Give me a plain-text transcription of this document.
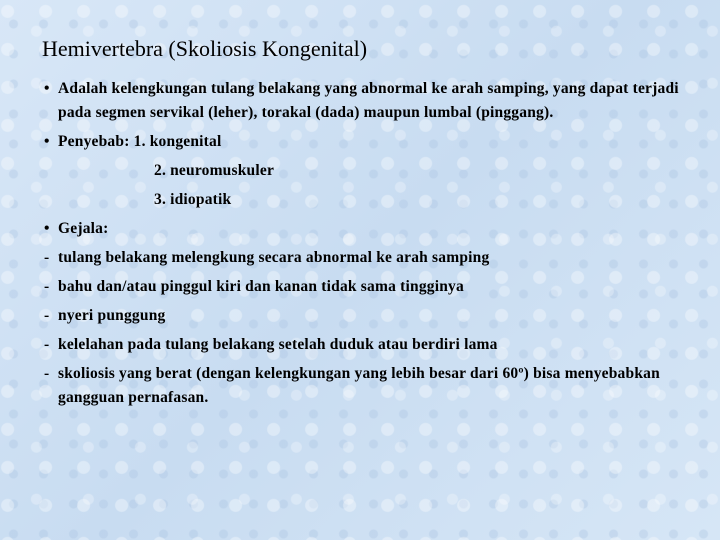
Hemivertebra (Skoliosis Kongenital)
• Adalah kelengkungan tulang belakang yang abnormal ke arah samping, yang dapat terjadi pada segmen servikal (leher), torakal (dada) maupun lumbal (pinggang).
• Penyebab: 1. kongenital
2. neuromuskuler
3. idiopatik
• Gejala:
- tulang belakang melengkung secara abnormal ke arah samping
- bahu dan/atau pinggul kiri dan kanan tidak sama tingginya
- nyeri punggung
- kelelahan pada tulang belakang setelah duduk atau berdiri lama
- skoliosis yang berat (dengan kelengkungan yang lebih besar dari 60º) bisa menyebabkan gangguan pernafasan.
